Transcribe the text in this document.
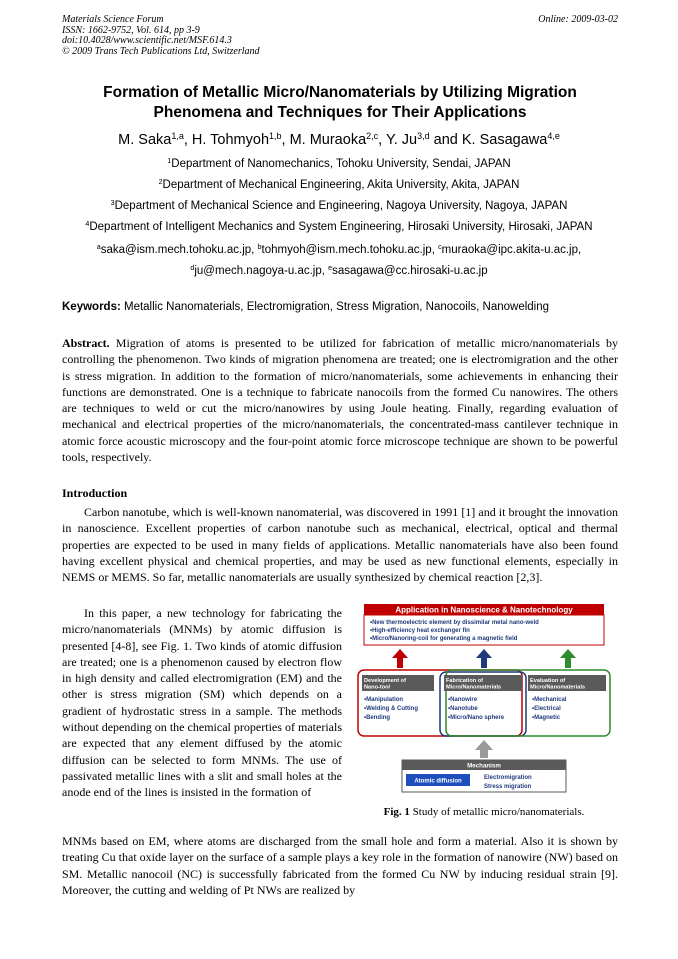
Materials Science Forum
ISSN: 1662-9752, Vol. 614, pp 3-9
doi:10.4028/www.scientific.net/MSF.614.3
© 2009 Trans Tech Publications Ltd, Switzerland
Online: 2009-03-02
Formation of Metallic Micro/Nanomaterials by Utilizing Migration Phenomena and Techniques for Their Applications
M. Saka$^{1,a}$, H. Tohmyoh$^{1,b}$, M. Muraoka$^{2,c}$, Y. Ju$^{3,d}$ and K. Sasagawa$^{4,e}$
$^1$Department of Nanomechanics, Tohoku University, Sendai, JAPAN
$^2$Department of Mechanical Engineering, Akita University, Akita, JAPAN
$^3$Department of Mechanical Science and Engineering, Nagoya University, Nagoya, JAPAN
$^4$Department of Intelligent Mechanics and System Engineering, Hirosaki University, Hirosaki, JAPAN
$^a$saka@ism.mech.tohoku.ac.jp, $^b$tohmyoh@ism.mech.tohoku.ac.jp, $^c$muraoka@ipc.akita-u.ac.jp,
$^d$ju@mech.nagoya-u.ac.jp, $^e$sasagawa@cc.hirosaki-u.ac.jp
Keywords: Metallic Nanomaterials, Electromigration, Stress Migration, Nanocoils, Nanowelding
Abstract. Migration of atoms is presented to be utilized for fabrication of metallic micro/nanomaterials by controlling the phenomenon. Two kinds of migration phenomena are treated; one is electromigration and the other is stress migration. In addition to the formation of micro/nanomaterials, some achievements in enhancing their functions are demonstrated. One is a technique to fabricate nanocoils from the formed Cu nanowires. The others are techniques to weld or cut the micro/nanowires by using Joule heating. Finally, regarding evaluation of mechanical and electrical properties of the micro/nanomaterials, the concentrated-mass cantilever technique in atomic force acoustic microscopy and the four-point atomic force microscope technique are shown to be powerful tools, respectively.
Introduction
Carbon nanotube, which is well-known nanomaterial, was discovered in 1991 [1] and it brought the innovation in nanoscience. Excellent properties of carbon nanotube such as mechanical, electrical, optical and thermal properties are expected to be used in many fields of applications. Metallic nanomaterials have also been found having excellent physical and chemical properties, and may be used as new functional elements, especially in NEMS or MEMS. So far, metallic nanomaterials are usually synthesized by chemical reaction [2,3].
In this paper, a new technology for fabricating the micro/nanomaterials (MNMs) by atomic diffusion is presented [4-8], see Fig. 1. Two kinds of atomic diffusion are treated; one is a phenomenon caused by electron flow in high density and called electromigration (EM) and the other is stress migration (SM) which depends on a gradient of hydrostatic stress in a sample. The methods without depending on the chemical properties of materials are expected that any element diffused by the atomic diffusion can be selected to form MNMs. The use of passivated metallic lines with a slit and small holes at the anode end of the lines is insisted in the formation of
MNMs based on EM, where atoms are discharged from the small hole and form a material. Also it is shown by treating Cu that oxide layer on the surface of a sample plays a key role in the formation of nanowire (NW) based on SM. Metallic nanocoil (NC) is successfully fabricated from the formed Cu NW by inducing residual strain [9]. Moreover, the cutting and welding of Pt NWs are realized by
Application in Nanoscience & Nanotechnology
•New thermoelectric element by dissimilar metal nano-weld
•High-efficiency heat exchanger fin
•Micro/Nanoring-coil for generating a magnetic field
Development of Nano-tool
•Manipulation
•Welding & Cutting
•Bending
Fabrication of Micro/Nanomaterials
•Nanowire
•Nanotube
•Micro/Nano sphere
Evaluation of Micro/Nanomaterials
•Mechanical
•Electrical
•Magnetic
Mechanism
Atomic diffusion
Electromigration
Stress migration
Fig. 1 Study of metallic micro/nanomaterials.
